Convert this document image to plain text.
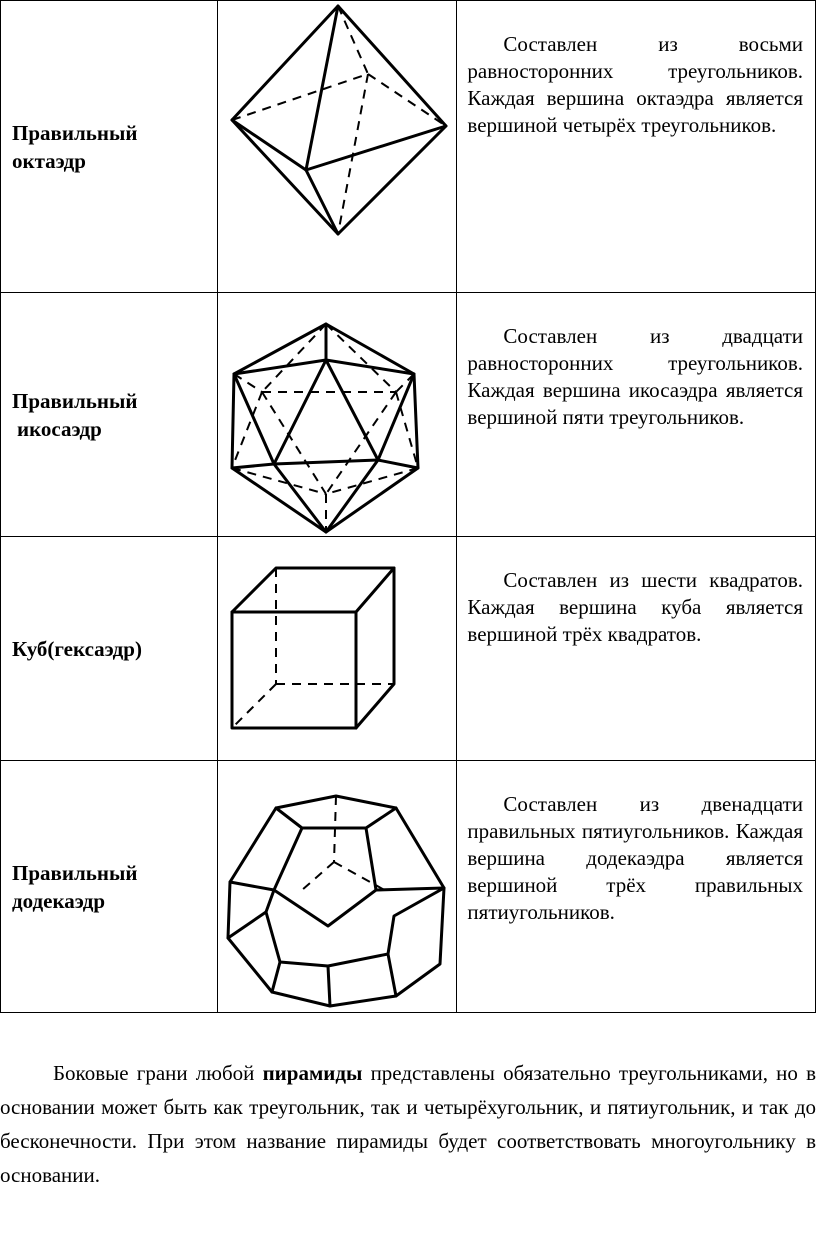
Правильный
октаэдр		Составлен из восьми равносторонних треугольников. Каждая вершина октаэдра является вершиной четырёх треугольников.

Правильный
икосаэдр		Составлен из двадцати равносторонних треугольников. Каждая вершина икосаэдра является вершиной пяти треугольников.

Куб(гексаэдр)		Составлен из шести квадратов. Каждая вершина куба является вершиной трёх квадратов.

Правильный
додекаэдр		Составлен из двенадцати правильных пятиугольников. Каждая вершина додекаэдра является вершиной трёх правильных пятиугольников.

Боковые грани любой пирамиды представлены обязательно треугольниками, но в основании может быть как треугольник, так и четырёхугольник, и пятиугольник, и так до бесконечности. При этом название пирамиды будет соответствовать многоугольнику в основании.
